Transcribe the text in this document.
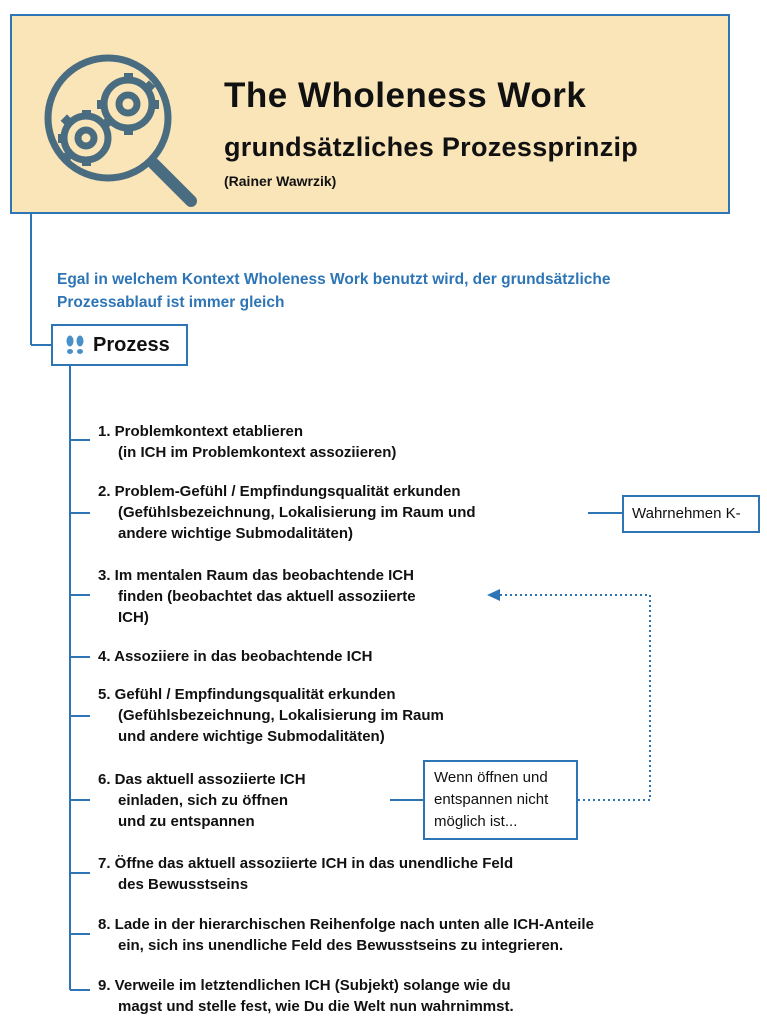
The Wholeness Work
grundsätzliches Prozessprinzip
(Rainer Wawrzik)
Egal in welchem Kontext Wholeness Work benutzt wird, der grundsätzliche
Prozessablauf ist immer gleich
Prozess
1. Problemkontext etablieren
(in ICH im Problemkontext assoziieren)
2. Problem-Gefühl / Empfindungsqualität erkunden
(Gefühlsbezeichnung, Lokalisierung im Raum und
andere wichtige Submodalitäten)
3. Im mentalen Raum das beobachtende ICH
finden (beobachtet das aktuell assoziierte
ICH)
4. Assoziiere in das beobachtende ICH
5. Gefühl / Empfindungsqualität erkunden
(Gefühlsbezeichnung, Lokalisierung im Raum
und andere wichtige Submodalitäten)
6. Das aktuell assoziierte ICH
einladen, sich zu öffnen
und zu entspannen
7. Öffne das aktuell assoziierte ICH in das unendliche Feld
des Bewusstseins
8. Lade in der hierarchischen Reihenfolge nach unten alle ICH-Anteile
ein, sich ins unendliche Feld des Bewusstseins zu integrieren.
9. Verweile im letztendlichen ICH (Subjekt) solange wie du
magst und stelle fest, wie Du die Welt nun wahrnimmst.
Wahrnehmen K-
Wenn öffnen und
entspannen nicht
möglich ist...
